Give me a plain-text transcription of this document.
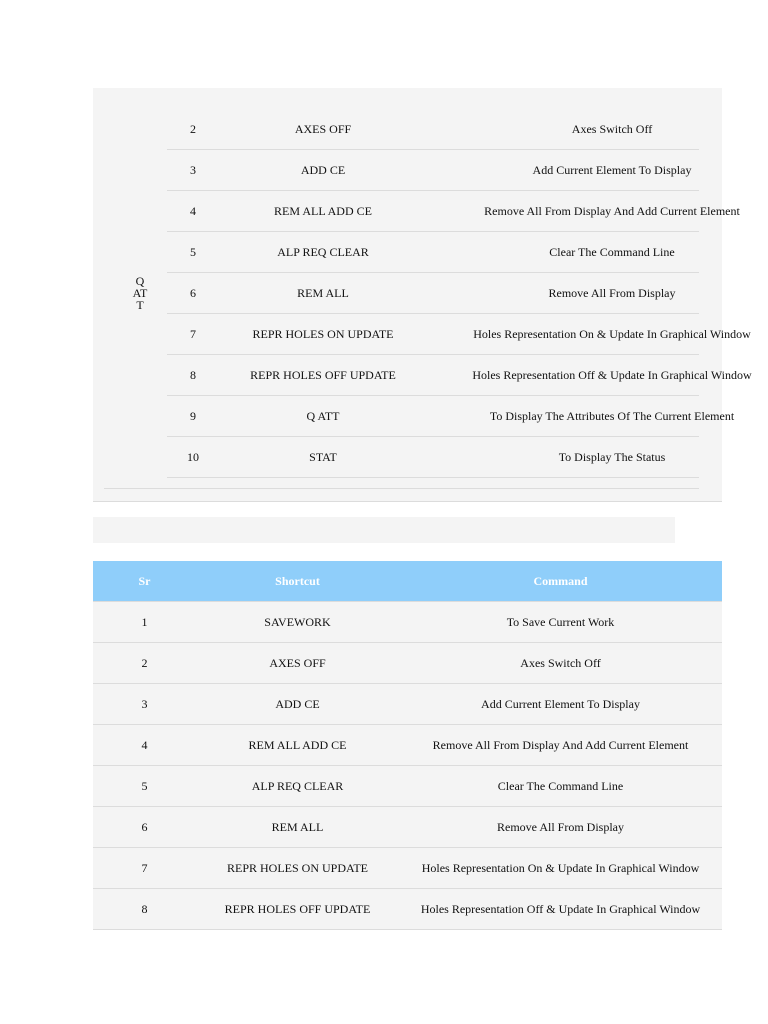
Q
AT
T
2	AXES OFF	Axes Switch Off
3	ADD CE	Add Current Element To Display
4	REM ALL ADD CE	Remove All From Display And Add Current Element
5	ALP REQ CLEAR	Clear The Command Line
6	REM ALL	Remove All From Display
7	REPR HOLES ON UPDATE	Holes Representation On & Update In Graphical Window
8	REPR HOLES OFF UPDATE	Holes Representation Off & Update In Graphical Window
9	Q ATT	To Display The Attributes Of The Current Element
10	STAT	To Display The Status
Sr	Shortcut	Command
1	SAVEWORK	To Save Current Work
2	AXES OFF	Axes Switch Off
3	ADD CE	Add Current Element To Display
4	REM ALL ADD CE	Remove All From Display And Add Current Element
5	ALP REQ CLEAR	Clear The Command Line
6	REM ALL	Remove All From Display
7	REPR HOLES ON UPDATE	Holes Representation On & Update In Graphical Window
8	REPR HOLES OFF UPDATE	Holes Representation Off & Update In Graphical Window
